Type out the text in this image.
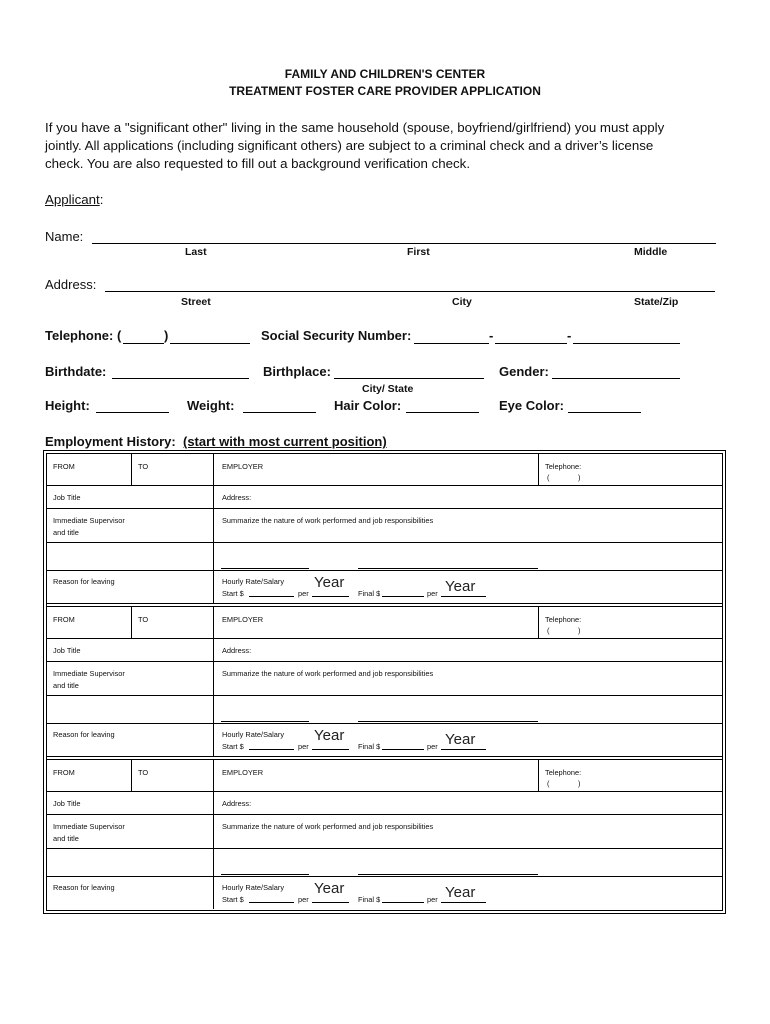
FAMILY AND CHILDREN'S CENTER
TREATMENT FOSTER CARE PROVIDER APPLICATION
If you have a "significant other" living in the same household (spouse, boyfriend/girlfriend) you must apply
jointly. All applications (including significant others) are subject to a criminal check and a driver’s license
check. You are also requested to fill out a background verification check.
Applicant:
Name:
Last	First	Middle
Address:
Street	City	State/Zip
Telephone: (	)	Social Security Number:	-	-
Birthdate:	Birthplace:
City/ State
Gender:
Height:	Weight:	Hair Color:	Eye Color:
Employment History: (start with most current position)
FROM	TO	EMPLOYER	Telephone:
(	)
Job Title	Address:
Immediate Supervisor
and title
Summarize the nature of work performed and job responsibilities
Reason for leaving	Hourly Rate/Salary
Start $	per
Year
Final $	per Year
FROM	TO	EMPLOYER	Telephone:
(	)
Job Title	Address:
Immediate Supervisor
and title
Summarize the nature of work performed and job responsibilities
Reason for leaving	Hourly Rate/Salary
Start $	per
Year
Final $	per Year
FROM	TO	EMPLOYER	Telephone:
(	)
Job Title	Address:
Immediate Supervisor
and title
Summarize the nature of work performed and job responsibilities
Reason for leaving	Hourly Rate/Salary
Start $	per
Year
Final $	per Year
